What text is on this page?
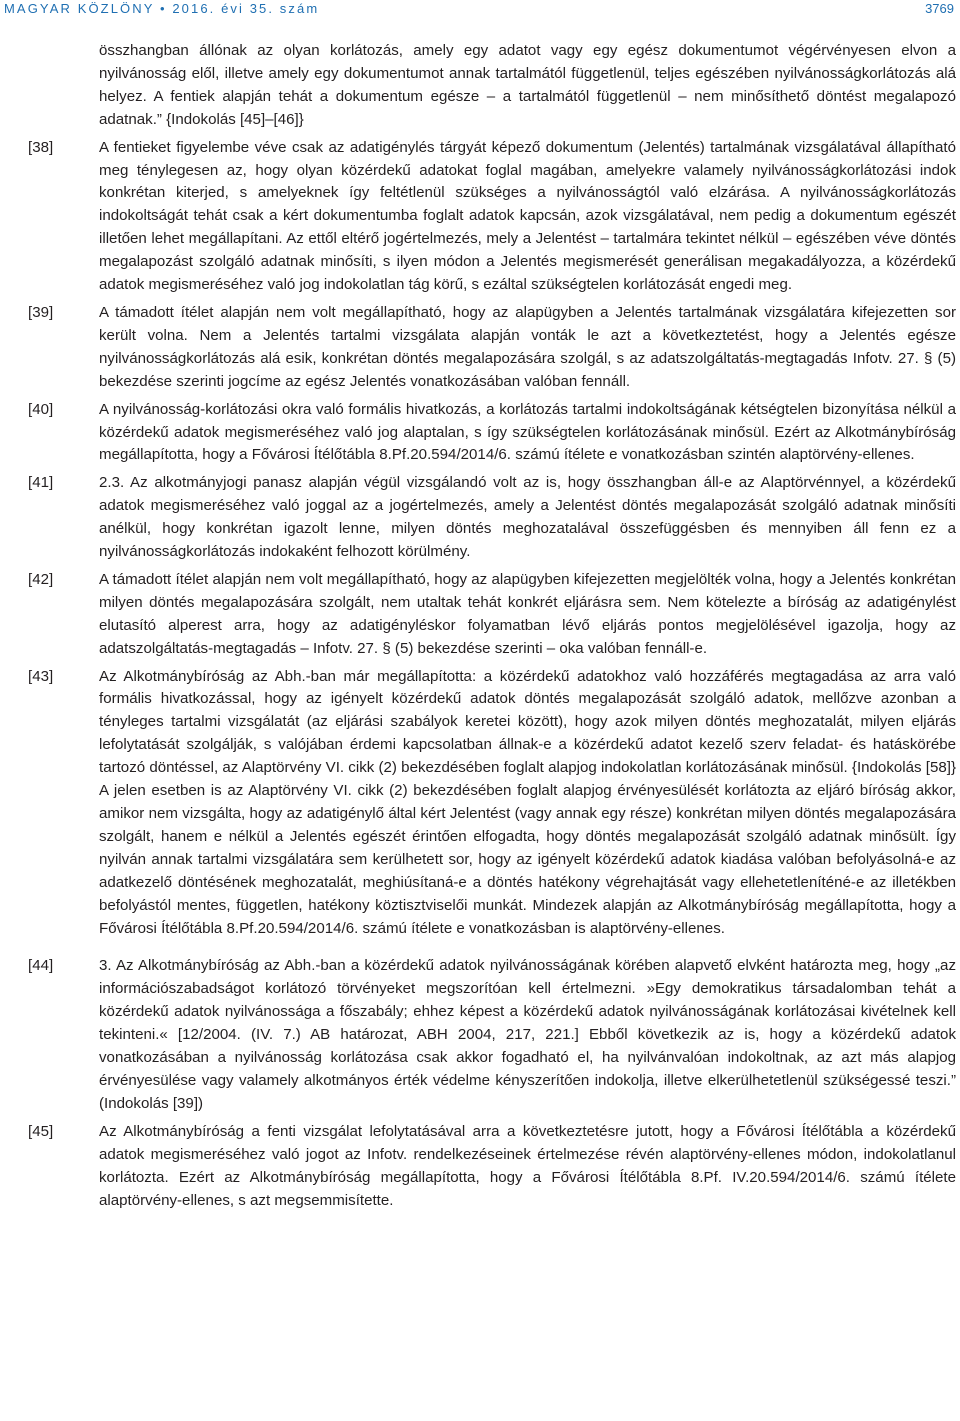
MAGYAR KÖZLÖNY • 2016. évi 35. szám	3769

összhangban állónak az olyan korlátozás, amely egy adatot vagy egy egész dokumentumot végérvényesen elvon a nyilvánosság elől, illetve amely egy dokumentumot annak tartalmától függetlenül, teljes egészében nyilvánosságkorlátozás alá helyez. A fentiek alapján tehát a dokumentum egésze – a tartalmától függetlenül – nem minősíthető döntést megalapozó adatnak.” {Indokolás [45]–[46]}

[38]	A fentieket figyelembe véve csak az adatigénylés tárgyát képező dokumentum (Jelentés) tartalmának vizsgálatával állapítható meg ténylegesen az, hogy olyan közérdekű adatokat foglal magában, amelyekre valamely nyilvánosságkorlátozási indok konkrétan kiterjed, s amelyeknek így feltétlenül szükséges a nyilvánosságtól való elzárása. A nyilvánosságkorlátozás indokoltságát tehát csak a kért dokumentumba foglalt adatok kapcsán, azok vizsgálatával, nem pedig a dokumentum egészét illetően lehet megállapítani. Az ettől eltérő jogértelmezés, mely a Jelentést – tartalmára tekintet nélkül – egészében véve döntés megalapozást szolgáló adatnak minősíti, s ilyen módon a Jelentés megismerését generálisan megakadályozza, a közérdekű adatok megismeréséhez való jog indokolatlan tág körű, s ezáltal szükségtelen korlátozását engedi meg.

[39]	A támadott ítélet alapján nem volt megállapítható, hogy az alapügyben a Jelentés tartalmának vizsgálatára kifejezetten sor került volna. Nem a Jelentés tartalmi vizsgálata alapján vonták le azt a következtetést, hogy a Jelentés egésze nyilvánosságkorlátozás alá esik, konkrétan döntés megalapozására szolgál, s az adatszolgáltatás-megtagadás Infotv. 27. § (5) bekezdése szerinti jogcíme az egész Jelentés vonatkozásában valóban fennáll.

[40]	A nyilvánosság-korlátozási okra való formális hivatkozás, a korlátozás tartalmi indokoltságának kétségtelen bizonyítása nélkül a közérdekű adatok megismeréséhez való jog alaptalan, s így szükségtelen korlátozásának minősül. Ezért az Alkotmánybíróság megállapította, hogy a Fővárosi Ítélőtábla 8.Pf.20.594/2014/6. számú ítélete e vonatkozásban szintén alaptörvény-ellenes.

[41]	2.3. Az alkotmányjogi panasz alapján végül vizsgálandó volt az is, hogy összhangban áll-e az Alaptörvénnyel, a közérdekű adatok megismeréséhez való joggal az a jogértelmezés, amely a Jelentést döntés megalapozását szolgáló adatnak minősíti anélkül, hogy konkrétan igazolt lenne, milyen döntés meghozatalával összefüggésben és mennyiben áll fenn ez a nyilvánosságkorlátozás indokaként felhozott körülmény.

[42]	A támadott ítélet alapján nem volt megállapítható, hogy az alapügyben kifejezetten megjelölték volna, hogy a Jelentés konkrétan milyen döntés megalapozására szolgált, nem utaltak tehát konkrét eljárásra sem. Nem kötelezte a bíróság az adatigénylést elutasító alperest arra, hogy az adatigényléskor folyamatban lévő eljárás pontos megjelölésével igazolja, hogy az adatszolgáltatás-megtagadás – Infotv. 27. § (5) bekezdése szerinti – oka valóban fennáll-e.

[43]	Az Alkotmánybíróság az Abh.-ban már megállapította: a közérdekű adatokhoz való hozzáférés megtagadása az arra való formális hivatkozással, hogy az igényelt közérdekű adatok döntés megalapozását szolgáló adatok, mellőzve azonban a tényleges tartalmi vizsgálatát (az eljárási szabályok keretei között), hogy azok milyen döntés meghozatalát, milyen eljárás lefolytatását szolgálják, s valójában érdemi kapcsolatban állnak-e a közérdekű adatot kezelő szerv feladat- és hatáskörébe tartozó döntéssel, az Alaptörvény VI. cikk (2) bekezdésében foglalt alapjog indokolatlan korlátozásának minősül. {Indokolás [58]} A jelen esetben is az Alaptörvény VI. cikk (2) bekezdésében foglalt alapjog érvényesülését korlátozta az eljáró bíróság akkor, amikor nem vizsgálta, hogy az adatigénylő által kért Jelentést (vagy annak egy része) konkrétan milyen döntés megalapozására szolgált, hanem e nélkül a Jelentés egészét érintően elfogadta, hogy döntés megalapozását szolgáló adatnak minősült. Így nyilván annak tartalmi vizsgálatára sem kerülhetett sor, hogy az igényelt közérdekű adatok kiadása valóban befolyásolná-e az adatkezelő döntésének meghozatalát, meghiúsítaná-e a döntés hatékony végrehajtását vagy ellehetetleníténé-e az illetékben befolyástól mentes, független, hatékony köztisztviselői munkát. Mindezek alapján az Alkotmánybíróság megállapította, hogy a Fővárosi Ítélőtábla 8.Pf.20.594/2014/6. számú ítélete e vonatkozásban is alaptörvény-ellenes.

[44]	3. Az Alkotmánybíróság az Abh.-ban a közérdekű adatok nyilvánosságának körében alapvető elvként határozta meg, hogy „az információszabadságot korlátozó törvényeket megszorítóan kell értelmezni. »Egy demokratikus társadalomban tehát a közérdekű adatok nyilvánossága a főszabály; ehhez képest a közérdekű adatok nyilvánosságának korlátozásai kivételnek kell tekinteni.« [12/2004. (IV. 7.) AB határozat, ABH 2004, 217, 221.] Ebből következik az is, hogy a közérdekű adatok vonatkozásában a nyilvánosság korlátozása csak akkor fogadható el, ha nyilvánvalóan indokoltnak, az azt más alapjog érvényesülése vagy valamely alkotmányos érték védelme kényszerítően indokolja, illetve elkerülhetetlenül szükségessé teszi.” (Indokolás [39])

[45]	Az Alkotmánybíróság a fenti vizsgálat lefolytatásával arra a következtetésre jutott, hogy a Fővárosi Ítélőtábla a közérdekű adatok megismeréséhez való jogot az Infotv. rendelkezéseinek értelmezése révén alaptörvény-ellenes módon, indokolatlanul korlátozta. Ezért az Alkotmánybíróság megállapította, hogy a Fővárosi Ítélőtábla 8.Pf. IV.20.594/2014/6. számú ítélete alaptörvény-ellenes, s azt megsemmisítette.
